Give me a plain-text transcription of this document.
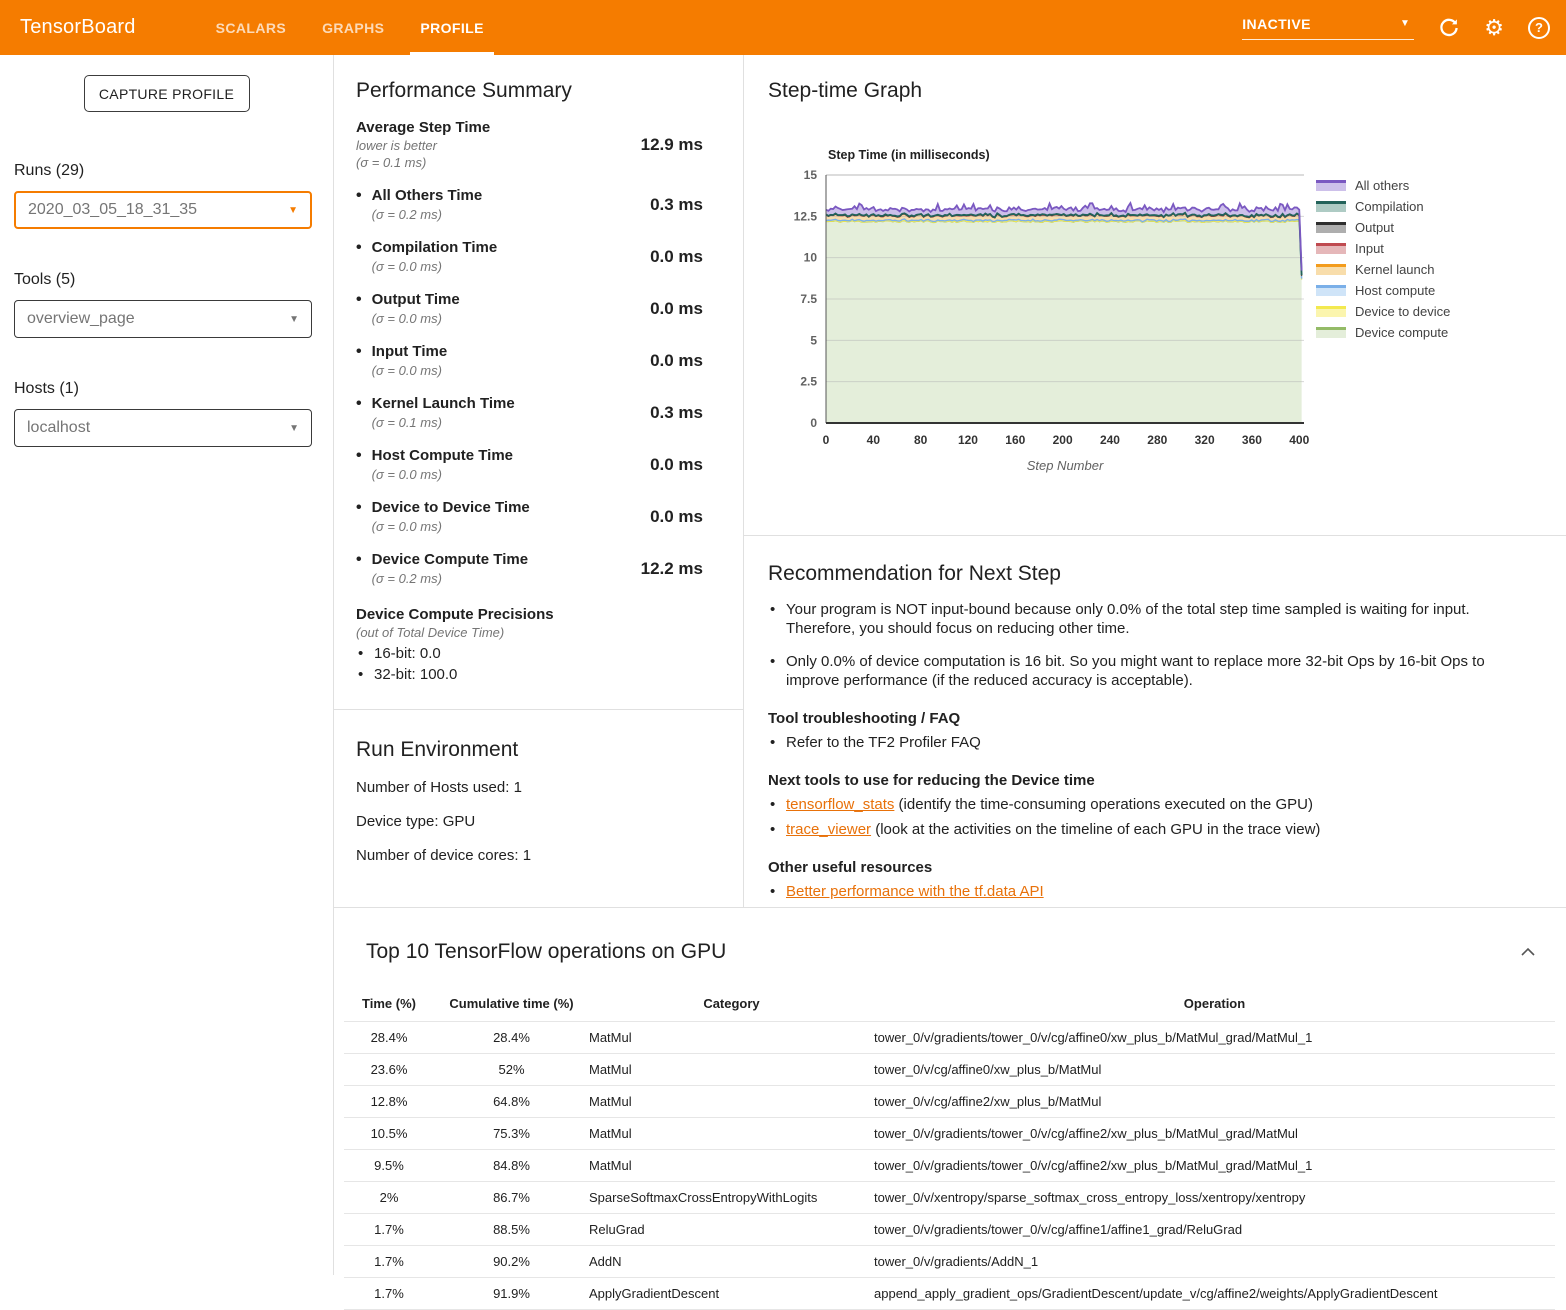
TensorBoard	SCALARS	GRAPHS	PROFILE	INACTIVE	▼	⚙	?
CAPTURE PROFILE
Runs (29)
2020_03_05_18_31_35	▼
Tools (5)
overview_page	▼
Hosts (1)
localhost	▼
Performance Summary
Average Step Time
lower is better
(σ = 0.1 ms)
12.9 ms
• All Others Time
(σ = 0.2 ms)
0.3 ms
• Compilation Time
(σ = 0.0 ms)
0.0 ms
• Output Time
(σ = 0.0 ms)
0.0 ms
• Input Time
(σ = 0.0 ms)
0.0 ms
• Kernel Launch Time
(σ = 0.1 ms)
0.3 ms
• Host Compute Time
(σ = 0.0 ms)
0.0 ms
• Device to Device Time
(σ = 0.0 ms)
0.0 ms
• Device Compute Time
(σ = 0.2 ms)
12.2 ms
Device Compute Precisions
(out of Total Device Time)
• 16-bit: 0.0
• 32-bit: 100.0
Run Environment
Number of Hosts used: 1
Device type: GPU
Number of device cores: 1
Step-time Graph
0
2.5
5
7.5
10
12.5
15
0	40	80	120 160 200 240 280 320 360 400
Step Time (in milliseconds)
Step Number
All others
Compilation
Output
Input
Kernel launch
Host compute
Device to device
Device compute
Recommendation for Next Step
• Your program is NOT input-bound because only 0.0% of the total step time sampled is waiting for input. Therefore, you should focus on reducing other time.
• Only 0.0% of device computation is 16 bit. So you might want to replace more 32-bit Ops by 16-bit Ops to improve performance (if the reduced accuracy is acceptable).
Tool troubleshooting / FAQ
• Refer to the TF2 Profiler FAQ
Next tools to use for reducing the Device time
• tensorflow_stats (identify the time-consuming operations executed on the GPU)
• trace_viewer (look at the activities on the timeline of each GPU in the trace view)
Other useful resources
• Better performance with the tf.data API
Top 10 TensorFlow operations on GPU
Time (%)	Cumulative time (%)	Category	Operation
28.4%	28.4%	MatMul	tower_0/v/gradients/tower_0/v/cg/affine0/xw_plus_b/MatMul_grad/MatMul_1
23.6%	52%	MatMul	tower_0/v/cg/affine0/xw_plus_b/MatMul
12.8%	64.8%	MatMul	tower_0/v/cg/affine2/xw_plus_b/MatMul
10.5%	75.3%	MatMul	tower_0/v/gradients/tower_0/v/cg/affine2/xw_plus_b/MatMul_grad/MatMul
9.5%	84.8%	MatMul	tower_0/v/gradients/tower_0/v/cg/affine2/xw_plus_b/MatMul_grad/MatMul_1
2%	86.7%	SparseSoftmaxCrossEntropyWithLogits	tower_0/v/xentropy/sparse_softmax_cross_entropy_loss/xentropy/xentropy
1.7%	88.5%	ReluGrad	tower_0/v/gradients/tower_0/v/cg/affine1/affine1_grad/ReluGrad
1.7%	90.2%	AddN	tower_0/v/gradients/AddN_1
1.7%	91.9%	ApplyGradientDescent	append_apply_gradient_ops/GradientDescent/update_v/cg/affine2/weights/ApplyGradientDescent
